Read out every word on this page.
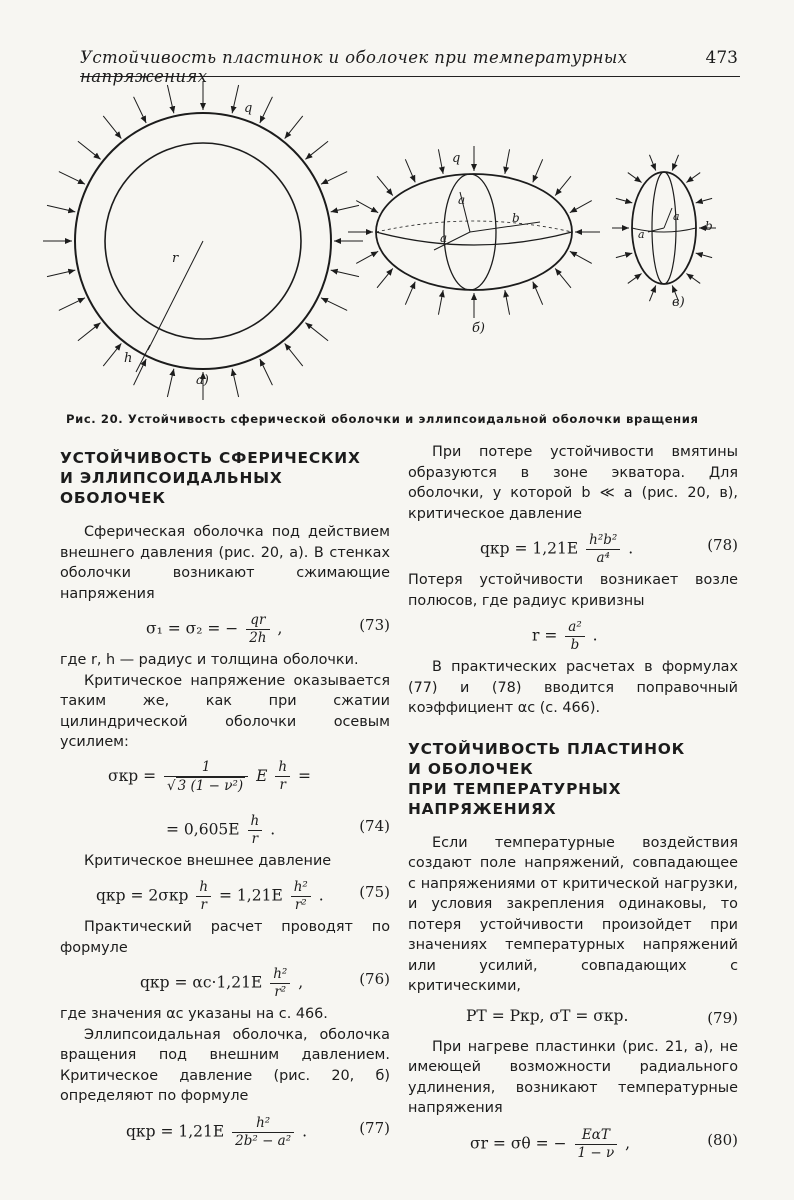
Устойчивость пластинок и оболочек при температурных напряжениях
473
q
r
h
а)
q
a
a
b
б)
a
a
b
в)
Рис. 20. Устойчивость сферической оболочки и эллипсоидальной оболочки вращения
УСТОЙЧИВОСТЬ СФЕРИЧЕСКИХ
И ЭЛЛИПСОИДАЛЬНЫХ
ОБОЛОЧЕК

Сферическая оболочка под действием внешнего давления (рис. 20, а). В стенках оболочки возникают сжимающие напряжения

σ₁ = σ₂ = − $\frac{qr}{2h}$ ,	(73)

где r, h — радиус и толщина оболочки.

Критическое напряжение оказывается таким же, как при сжатии цилиндрической оболочки осевым усилием:

$\sigma кр = \frac{1}{\text{√ 3 (1 − ν²)}}$ E $\frac{h}{r}$ =
= $0,605E \frac{h}{r}$ .	(74)

Критическое внешнее давление

qкр = $2\sigma кр \frac{h}{r} = 1,21E \frac{\text{h²}}{\text{r²}}$ . (75)

Практический расчет проводят по формуле

qкр = $\alpha c\cdot 1,21E \frac{\text{h²}}{\text{r²}}$ ,	(76)

где значения αc указаны на с. 466.

Эллипсоидальная оболочка, оболочка вращения под внешним давлением. Критическое давление (рис. 20, б) определяют по формуле

qкр = $1,21E \frac{\text{h²}}{\text{2b² − a²}}$ .	(77)

При потере устойчивости вмятины образуются в зоне экватора. Для оболочки, у которой b ≪ a (рис. 20, в), критическое давление

qкр = $1,21E \frac{\text{h²b²}}{\text{a⁴}}$ .	(78)

Потеря устойчивости возникает возле полюсов, где радиус кривизны

$r = \frac{\text{a²}}{b}$ .

В практических расчетах в формулах (77) и (78) вводится поправочный коэффициент αc (с. 466).

УСТОЙЧИВОСТЬ ПЛАСТИНОК
И ОБОЛОЧЕК
ПРИ ТЕМПЕРАТУРНЫХ
НАПРЯЖЕНИЯХ

Если температурные воздействия создают поле напряжений, совпадающее с напряжениями от критической нагрузки, и условия закрепления одинаковы, то потеря устойчивости произойдет при значениях температурных напряжений или усилий, совпадающих с критическими,

PT = Pкр, σT = σкр.	(79)

При нагреве пластинки (рис. 21, а), не имеющей возможности радиального удлинения, возникают температурные напряжения

σr = σθ = −	EαT
1 − ν
,	(80)
